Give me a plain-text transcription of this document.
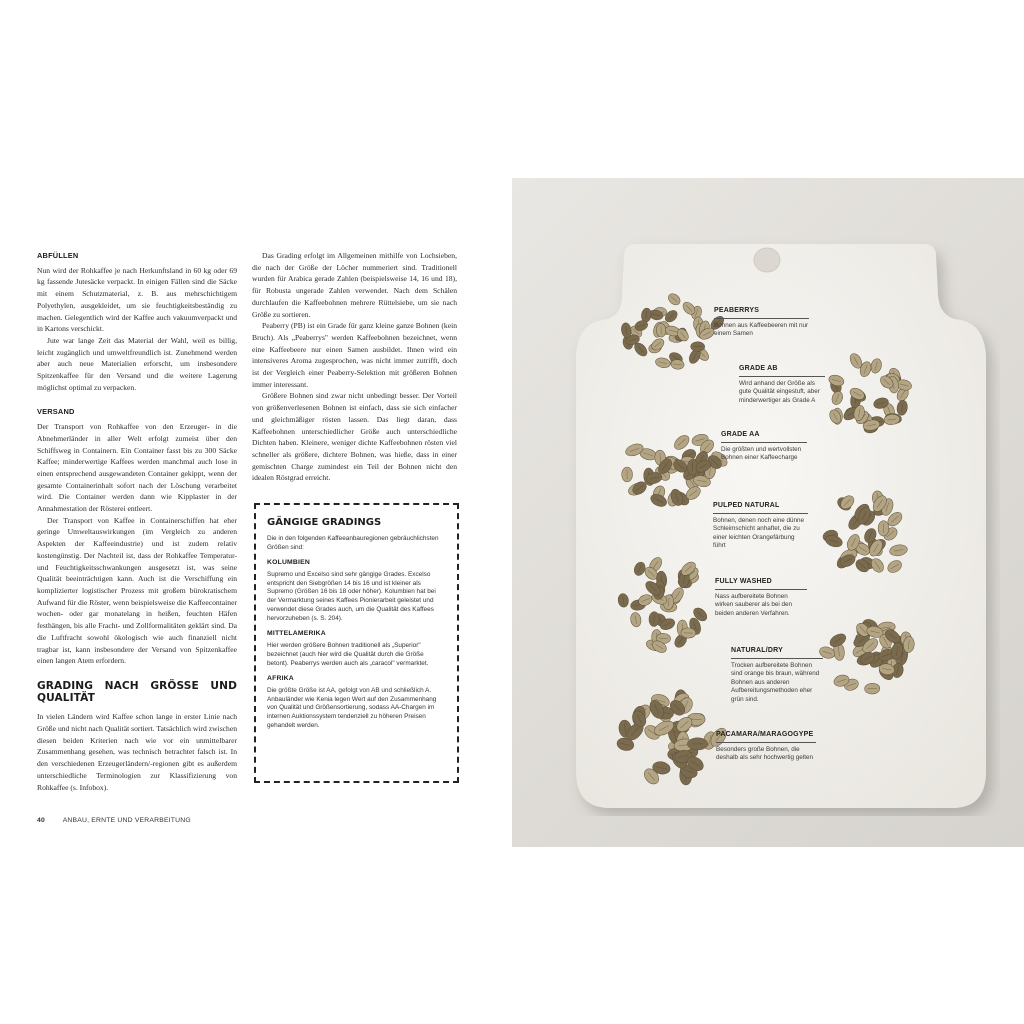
ABFÜLLEN

Nun wird der Rohkaffee je nach Herkunftsland in 60 kg oder 69 kg fassende Jutesäcke verpackt. In einigen Fällen sind die Säcke mit einem Schutzmaterial, z. B. aus mehrschichtigem Polyethylen, ausgekleidet, um sie feuchtigkeitsbeständig zu machen. Gelegentlich wird der Kaffee auch vakuumverpackt und in Kartons verschickt.

Jute war lange Zeit das Material der Wahl, weil es billig, leicht zugänglich und umweltfreundlich ist. Zunehmend werden aber auch neue Materialien erforscht, um insbesondere Spitzenkaffee für den Versand und die weitere Lagerung möglichst optimal zu verpacken.

VERSAND

Der Transport von Rohkaffee von den Erzeuger- in die Abnehmerländer in aller Welt erfolgt zumeist über den Schiffsweg in Containern. Ein Container fasst bis zu 300 Säcke Kaffee; minderwertige Kaffees werden manchmal auch lose in einen entsprechend ausgewandeten Container gekippt, wenn der gesamte Containerinhalt sofort nach der Löschung verarbeitet wird. Die Container werden dann wie Kipplaster in der Annahmestation der Rösterei entleert.

Der Transport von Kaffee in Containerschiffen hat eher geringe Umweltauswirkungen (im Vergleich zu anderen Aspekten der Kaffeeindustrie) und ist zudem relativ kostengünstig. Der Nachteil ist, dass der Rohkaffee Temperatur- und Feuchtigkeitsschwankungen ausgesetzt ist, was seine Qualität beeinträchtigen kann. Auch ist die Verschiffung ein komplizierter logistischer Prozess mit großem bürokratischem Aufwand für die Röster, wenn beispielsweise die Kaffeecontainer wochen- oder gar monatelang in heißen, feuchten Häfen festhängen, bis alle Fracht- und Zollformalitäten geklärt sind. Da die Luftfracht sowohl ökologisch wie auch finanziell nicht tragbar ist, kann insbesondere der Versand von Spitzenkaffee einen langen Atem erfordern.

GRADING NACH GRÖSSE UND QUALITÄT

In vielen Ländern wird Kaffee schon lange in erster Linie nach Größe und nicht nach Qualität sortiert. Tatsächlich wird zwischen diesen beiden Kriterien nach wie vor ein unmittelbarer Zusammenhang gesehen, was technisch betrachtet falsch ist. In den verschiedenen Erzeugerländern/-regionen gibt es außerdem unterschiedliche Terminologien zur Klassifizierung von Rohkaffee (s. Infobox).

Das Grading erfolgt im Allgemeinen mithilfe von Lochsieben, die nach der Größe der Löcher nummeriert sind. Traditionell wurden für Arabica gerade Zahlen (beispielsweise 14, 16 und 18), für Robusta ungerade Zahlen verwendet. Nach dem Schälen durchlaufen die Kaffeebohnen mehrere Rüttelsiebe, um sie nach Größe zu sortieren.

Peaberry (PB) ist ein Grade für ganz kleine ganze Bohnen (kein Bruch). Als „Peaberrys" werden Kaffeebohnen bezeichnet, wenn eine Kaffeebeere nur einen Samen ausbildet. Ihnen wird ein intensiveres Aroma zugesprochen, was nicht immer zutrifft, doch ist der Vergleich einer Peaberry-Selektion mit größeren Bohnen immer interessant.

Größere Bohnen sind zwar nicht unbedingt besser. Der Vorteil von größenverlesenen Bohnen ist einfach, dass sie sich einfacher und gleichmäßiger rösten lassen. Das liegt daran, dass Kaffeebohnen unterschiedlicher Größe auch unterschiedliche Dichten haben. Kleinere, weniger dichte Kaffeebohnen rösten viel schneller als größere, dichtere Bohnen, was hieße, dass in einer gemischten Charge zumindest ein Teil der Bohnen nicht den idealen Röstgrad erreicht.

GÄNGIGE GRADINGS

Die in den folgenden Kaffeeanbauregionen gebräuchlichsten Größen sind:

KOLUMBIEN

Supremo und Excelso sind sehr gängige Grades. Excelso entspricht den Siebgrößen 14 bis 16 und ist kleiner als Supremo (Größen 16 bis 18 oder höher). Kolumbien hat bei der Vermarktung seines Kaffees Pionierarbeit geleistet und verwendet diese Grades auch, um die Qualität des Kaffees hervorzuheben (s. S. 204).

MITTELAMERIKA

Hier werden größere Bohnen traditionell als „Superior" bezeichnet (auch hier wird die Qualität durch die Größe betont). Peaberrys werden auch als „caracol" vermarktet.

AFRIKA

Die größte Größe ist AA, gefolgt von AB und schließlich A. Anbauländer wie Kenia legen Wert auf den Zusammenhang von Qualität und Größensortierung, sodass AA-Chargen im internen Auktionssystem tendenziell zu höheren Preisen gehandelt werden.

40	ANBAU, ERNTE UND VERARBEITUNG
PEABERRYS
Bohnen aus Kaffeebeeren mit nur einem Samen
GRADE AB
Wird anhand der Größe als gute Qualität eingestuft, aber minderwertiger als Grade A
GRADE AA
Die größten und wertvollsten Bohnen einer Kaffeecharge
PULPED NATURAL
Bohnen, denen noch eine dünne Schleimschicht anhaftet, die zu einer leichten Orangefärbung führt
FULLY WASHED
Nass aufbereitete Bohnen wirken sauberer als bei den beiden anderen Verfahren.
NATURAL/DRY
Trocken aufbereitete Bohnen sind orange bis braun, während Bohnen aus anderen Aufbereitungsmethoden eher grün sind.
PACAMARA/MARAGOGYPE
Besonders große Bohnen, die deshalb als sehr hochwertig gelten
